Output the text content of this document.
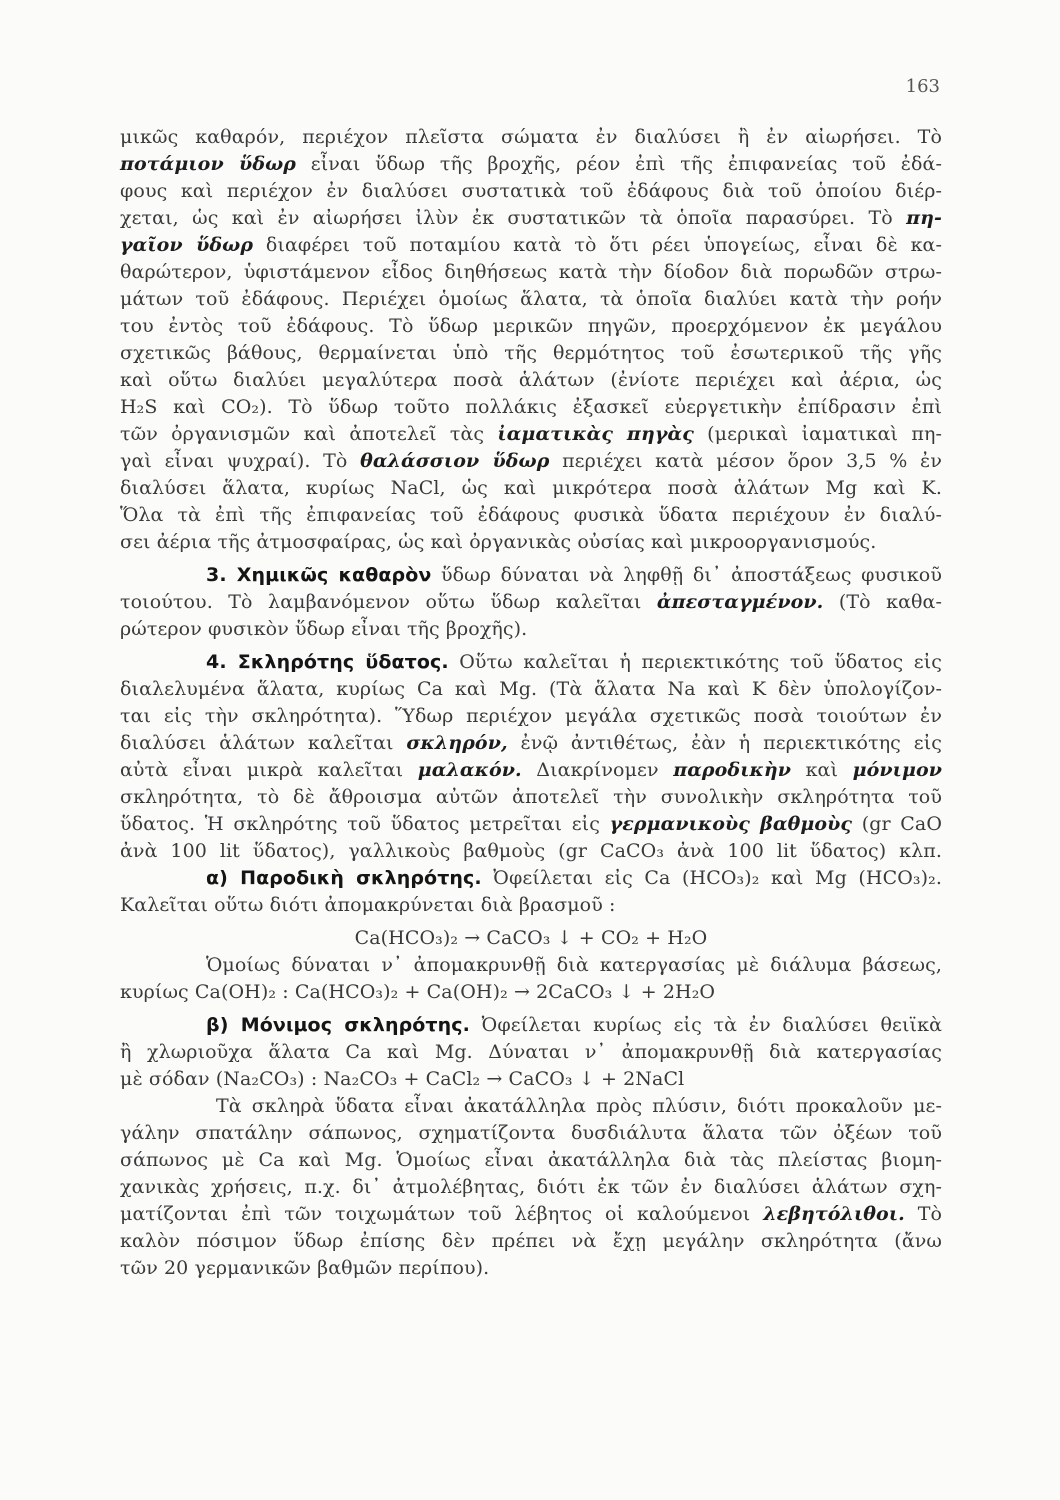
163
μικῶς καθαρόν, περιέχον πλεῖστα σώματα ἐν διαλύσει ἢ ἐν αἰωρήσει. Τὸ
ποτάμιον ὕδωρ εἶναι ὕδωρ τῆς βροχῆς, ρέον ἐπὶ τῆς ἐπιφανείας τοῦ ἐδά-
φους καὶ περιέχον ἐν διαλύσει συστατικὰ τοῦ ἐδάφους διὰ τοῦ ὁποίου διέρ-
χεται, ὡς καὶ ἐν αἰωρήσει ἰλὺν ἐκ συστατικῶν τὰ ὁποῖα παρασύρει. Τὸ πη-
γαῖον ὕδωρ διαφέρει τοῦ ποταμίου κατὰ τὸ ὅτι ρέει ὑπογείως, εἶναι δὲ κα-
θαρώτερον, ὑφιστάμενον εἶδος διηθήσεως κατὰ τὴν δίοδον διὰ πορωδῶν στρω-
μάτων τοῦ ἐδάφους. Περιέχει ὁμοίως ἅλατα, τὰ ὁποῖα διαλύει κατὰ τὴν ροήν
του ἐντὸς τοῦ ἐδάφους. Τὸ ὕδωρ μερικῶν πηγῶν, προερχόμενον ἐκ μεγάλου
σχετικῶς βάθους, θερμαίνεται ὑπὸ τῆς θερμότητος τοῦ ἐσωτερικοῦ τῆς γῆς
καὶ οὕτω διαλύει μεγαλύτερα ποσὰ ἁλάτων (ἐνίοτε περιέχει καὶ ἀέρια, ὡς
H₂S καὶ CO₂). Τὸ ὕδωρ τοῦτο πολλάκις ἐξασκεῖ εὐεργετικὴν ἐπίδρασιν ἐπὶ
τῶν ὀργανισμῶν καὶ ἀποτελεῖ τὰς ἰαματικὰς πηγὰς (μερικαὶ ἰαματικαὶ πη-
γαὶ εἶναι ψυχραί). Τὸ θαλάσσιον ὕδωρ περιέχει κατὰ μέσον ὅρον 3,5 % ἐν
διαλύσει ἅλατα, κυρίως NaCl, ὡς καὶ μικρότερα ποσὰ ἁλάτων Mg καὶ K.
Ὅλα τὰ ἐπὶ τῆς ἐπιφανείας τοῦ ἐδάφους φυσικὰ ὕδατα περιέχουν ἐν διαλύ-
σει ἀέρια τῆς ἀτμοσφαίρας, ὡς καὶ ὀργανικὰς οὐσίας καὶ μικροοργανισμούς.
3. Χημικῶς καθαρὸν ὕδωρ δύναται νὰ ληφθῇ δι᾽ ἀποστάξεως φυσικοῦ
τοιούτου. Τὸ λαμβανόμενον οὕτω ὕδωρ καλεῖται ἀπεσταγμένον. (Τὸ καθα-
ρώτερον φυσικὸν ὕδωρ εἶναι τῆς βροχῆς).
4. Σκληρότης ὕδατος. Οὕτω καλεῖται ἡ περιεκτικότης τοῦ ὕδατος εἰς
διαλελυμένα ἅλατα, κυρίως Ca καὶ Mg. (Τὰ ἅλατα Na καὶ K δὲν ὑπολογίζον-
ται εἰς τὴν σκληρότητα). Ὕδωρ περιέχον μεγάλα σχετικῶς ποσὰ τοιούτων ἐν
διαλύσει ἁλάτων καλεῖται σκληρόν, ἐνῷ ἀντιθέτως, ἐὰν ἡ περιεκτικότης εἰς
αὐτὰ εἶναι μικρὰ καλεῖται μαλακόν. Διακρίνομεν παροδικὴν καὶ μόνιμον
σκληρότητα, τὸ δὲ ἄθροισμα αὐτῶν ἀποτελεῖ τὴν συνολικὴν σκληρότητα τοῦ
ὕδατος. Ἡ σκληρότης τοῦ ὕδατος μετρεῖται εἰς γερμανικοὺς βαθμοὺς (gr CaO
ἀνὰ 100 lit ὕδατος), γαλλικοὺς βαθμοὺς (gr CaCO₃ ἀνὰ 100 lit ὕδατος) κλπ.
α) Παροδικὴ σκληρότης. Ὀφείλεται εἰς Ca (HCO₃)₂ καὶ Mg (HCO₃)₂.
Καλεῖται οὕτω διότι ἀπομακρύνεται διὰ βρασμοῦ :
Ca(HCO₃)₂ → CaCO₃ ↓ + CO₂ + H₂O
Ὁμοίως δύναται ν᾽ ἀπομακρυνθῇ διὰ κατεργασίας μὲ διάλυμα βάσεως,
κυρίως Ca(OH)₂ : Ca(HCO₃)₂ + Ca(OH)₂ → 2CaCO₃ ↓ + 2H₂O
β) Μόνιμος σκληρότης. Ὀφείλεται κυρίως εἰς τὰ ἐν διαλύσει θειϊκὰ
ἢ χλωριοῦχα ἅλατα Ca καὶ Mg. Δύναται ν᾽ ἀπομακρυνθῇ διὰ κατεργασίας
μὲ σόδαν (Na₂CO₃) : Na₂CO₃ + CaCl₂ → CaCO₃ ↓ + 2NaCl
Τὰ σκληρὰ ὕδατα εἶναι ἀκατάλληλα πρὸς πλύσιν, διότι προκαλοῦν με-
γάλην σπατάλην σάπωνος, σχηματίζοντα δυσδιάλυτα ἅλατα τῶν ὀξέων τοῦ
σάπωνος μὲ Ca καὶ Mg. Ὁμοίως εἶναι ἀκατάλληλα διὰ τὰς πλείστας βιομη-
χανικὰς χρήσεις, π.χ. δι᾽ ἀτμολέβητας, διότι ἐκ τῶν ἐν διαλύσει ἁλάτων σχη-
ματίζονται ἐπὶ τῶν τοιχωμάτων τοῦ λέβητος οἱ καλούμενοι λεβητόλιθοι. Τὸ
καλὸν πόσιμον ὕδωρ ἐπίσης δὲν πρέπει νὰ ἔχῃ μεγάλην σκληρότητα (ἄνω
τῶν 20 γερμανικῶν βαθμῶν περίπου).
